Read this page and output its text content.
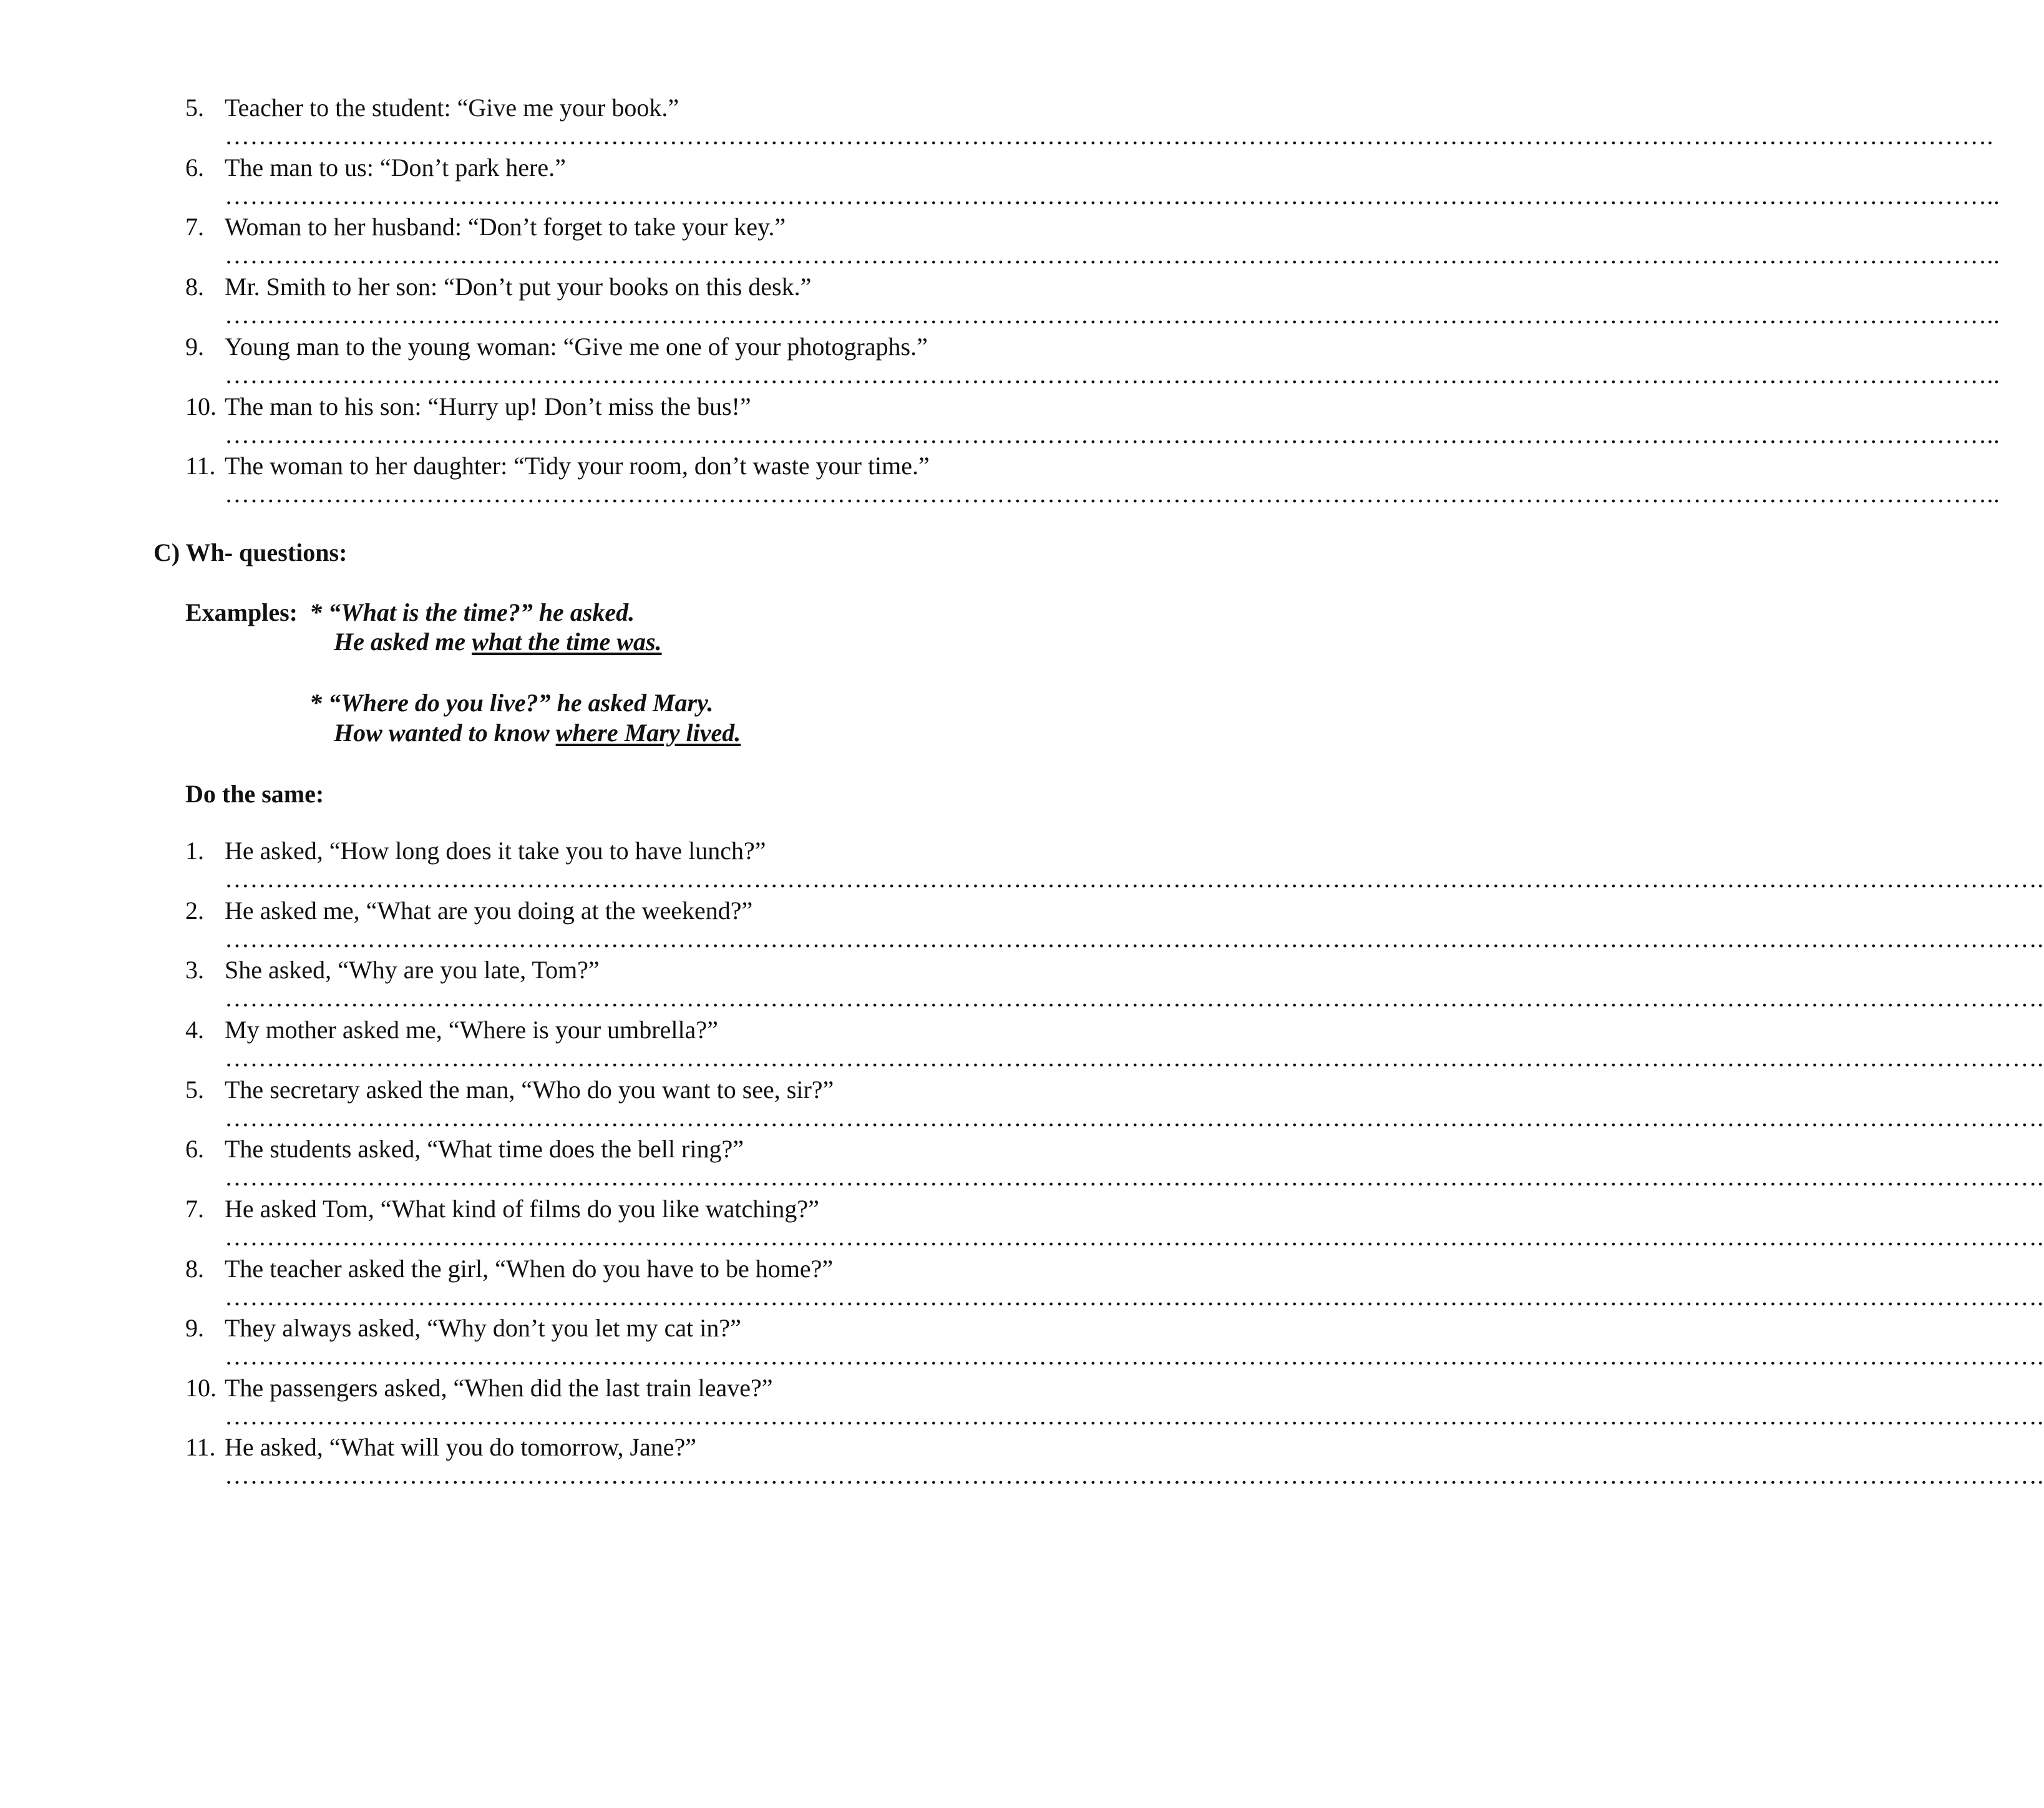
5. Teacher to the student: “Give me your book.”
………………………………………………………………………………………………………………………………………………………………………………………….
6. The man to us: “Don’t park here.”
…………………………………………………………………………………………………………………………………………………………………………………………..
7. Woman to her husband: “Don’t forget to take your key.”
…………………………………………………………………………………………………………………………………………………………………………………………..
8. Mr. Smith to her son: “Don’t put your books on this desk.”
…………………………………………………………………………………………………………………………………………………………………………………………..
9. Young man to the young woman: “Give me one of your photographs.”
…………………………………………………………………………………………………………………………………………………………………………………………..
10. The man to his son: “Hurry up! Don’t miss the bus!”
…………………………………………………………………………………………………………………………………………………………………………………………..
11. The woman to her daughter: “Tidy your room, don’t waste your time.”
…………………………………………………………………………………………………………………………………………………………………………………………..
C) Wh- questions:
Examples: * “What is the time?” he asked.
He asked me what the time was.
* “Where do you live?” he asked Mary.
How wanted to know where Mary lived.
Do the same:
1. He asked, “How long does it take you to have lunch?”
……………………………………………………………………………………………………………………………………………………………………………………………….
2. He asked me, “What are you doing at the weekend?”
……………………………………………………………………………………………………………………………………………………………………………………………….
3. She asked, “Why are you late, Tom?”
……………………………………………………………………………………………………………………………………………………………………………………………….
4. My mother asked me, “Where is your umbrella?”
……………………………………………………………………………………………………………………………………………………………………………………………….
5. The secretary asked the man, “Who do you want to see, sir?”
……………………………………………………………………………………………………………………………………………………………………………………………….
6. The students asked, “What time does the bell ring?”
……………………………………………………………………………………………………………………………………………………………………………………………….
7. He asked Tom, “What kind of films do you like watching?”
……………………………………………………………………………………………………………………………………………………………………………………………….
8. The teacher asked the girl, “When do you have to be home?”
……………………………………………………………………………………………………………………………………………………………………………………………….
9. They always asked, “Why don’t you let my cat in?”
……………………………………………………………………………………………………………………………………………………………………………………………….
10. The passengers asked, “When did the last train leave?”
……………………………………………………………………………………………………………………………………………………………………………………………….
11. He asked, “What will you do tomorrow, Jane?”
……………………………………………………………………………………………………………………………………………………………………………………………….
